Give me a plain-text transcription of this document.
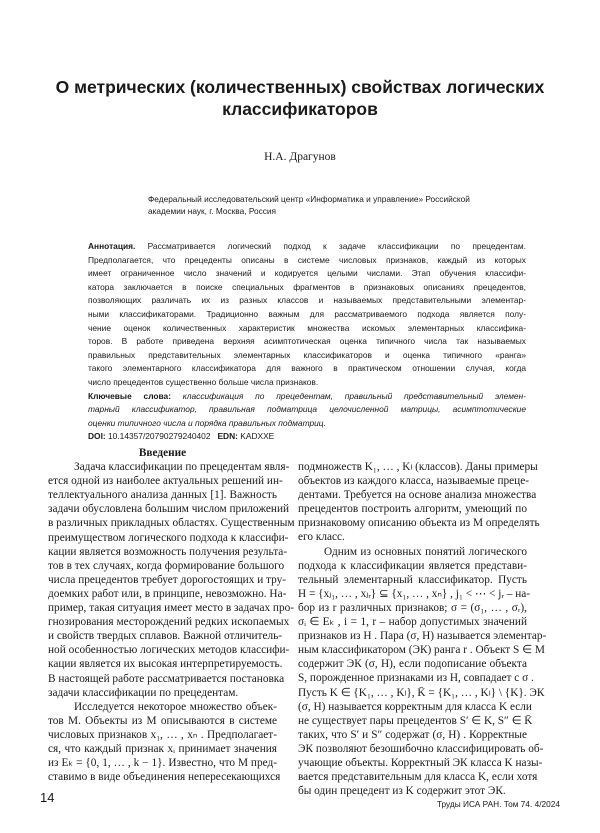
О метрических (количественных) свойствах логических классификаторов
Н.А. Драгунов
Федеральный исследовательский центр «Информатика и управление» Российской академии наук, г. Москва, Россия
Аннотация. Рассматривается логический подход к задаче классификации по прецедентам.
Предполагается, что прецеденты описаны в системе числовых признаков, каждый из которых
имеет ограниченное число значений и кодируется целыми числами. Этап обучения классифи-
катора заключается в поиске специальных фрагментов в признаковых описаниях прецедентов,
позволяющих различать их из разных классов и называемых представительными элементар-
ными классификаторами. Традиционно важным для рассматриваемого подхода является полу-
чение оценок количественных характеристик множества искомых элементарных классифика-
торов. В работе приведена верхняя асимптотическая оценка типичного числа так называемых
правильных представительных элементарных классификаторов и оценка типичного «ранга»
такого элементарного классификатора для важного в практическом отношении случая, когда
число прецедентов существенно больше числа признаков.
Ключевые слова: классификация по прецедентам, правильный представительный элемен-
тарный классификатор, правильная подматрица целочисленной матрицы, асимптотические
оценки типичного числа и порядка правильных подматриц.
DOI: 10.14357/20790279240402 EDN: KADXXE
Введение
Задача классификации по прецедентам явля-
ется одной из наиболее актуальных решений ин-
теллектуального анализа данных [1]. Важность
задачи обусловлена большим числом приложений
в различных прикладных областях. Существенным
преимуществом логического подхода к классифи-
кации является возможность получения результа-
тов в тех случаях, когда формирование большого
числа прецедентов требует дорогостоящих и тру-
доемких работ или, в принципе, невозможно. На-
пример, такая ситуация имеет место в задачах про-
гнозирования месторождений редких ископаемых
и свойств твердых сплавов. Важной отличитель-
ной особенностью логических методов классифи-
кации является их высокая интерпретируемость.
В настоящей работе рассматривается постановка
задачи классификации по прецедентам.
Исследуется некоторое множество объек-
тов M. Объекты из M описываются в системе
числовых признаков x₁, … , xₙ . Предполагает-
ся, что каждый признак xᵢ принимает значения
из Eₖ = {0, 1, … , k − 1}. Известно, что M пред-
ставимо в виде объединения непересекающихся
подмножеств K₁, … , Kₗ (классов). Даны примеры
объектов из каждого класса, называемые преце-
дентами. Требуется на основе анализа множества
прецедентов построить алгоритм, умеющий по
признаковому описанию объекта из M определять
его класс.
Одним из основных понятий логического
подхода к классификации является представи-
тельный элементарный классификатор. Пусть
H = {xⱼ₁, … , xⱼᵣ} ⊆ {x₁, … , xₙ} , j₁ < ⋯ < jᵣ – на-
бор из r различных признаков; σ = (σ₁, … , σᵣ),
σᵢ ∈ Eₖ , i = 1, r – набор допустимых значений
признаков из H . Пара (σ, H) называется элементар-
ным классификатором (ЭК) ранга r . Объект S ∈ M
содержит ЭК (σ, H), если подописание объекта
S, порожденное признаками из H, совпадает с σ .
Пусть K ∈ {K₁, … , Kₗ}, K̄ = {K₁, … , Kₗ} \ {K}. ЭК
(σ, H) называется корректным для класса K если
не существует пары прецедентов S′ ∈ K, S″ ∈ K̄
таких, что S′ и S″ содержат (σ, H) . Корректные
ЭК позволяют безошибочно классифицировать об-
учающие объекты. Корректный ЭК класса K назы-
вается представительным для класса K, если хотя
бы один прецедент из K содержит этот ЭК.
14	Труды ИСА РАН. Том 74. 4/2024
